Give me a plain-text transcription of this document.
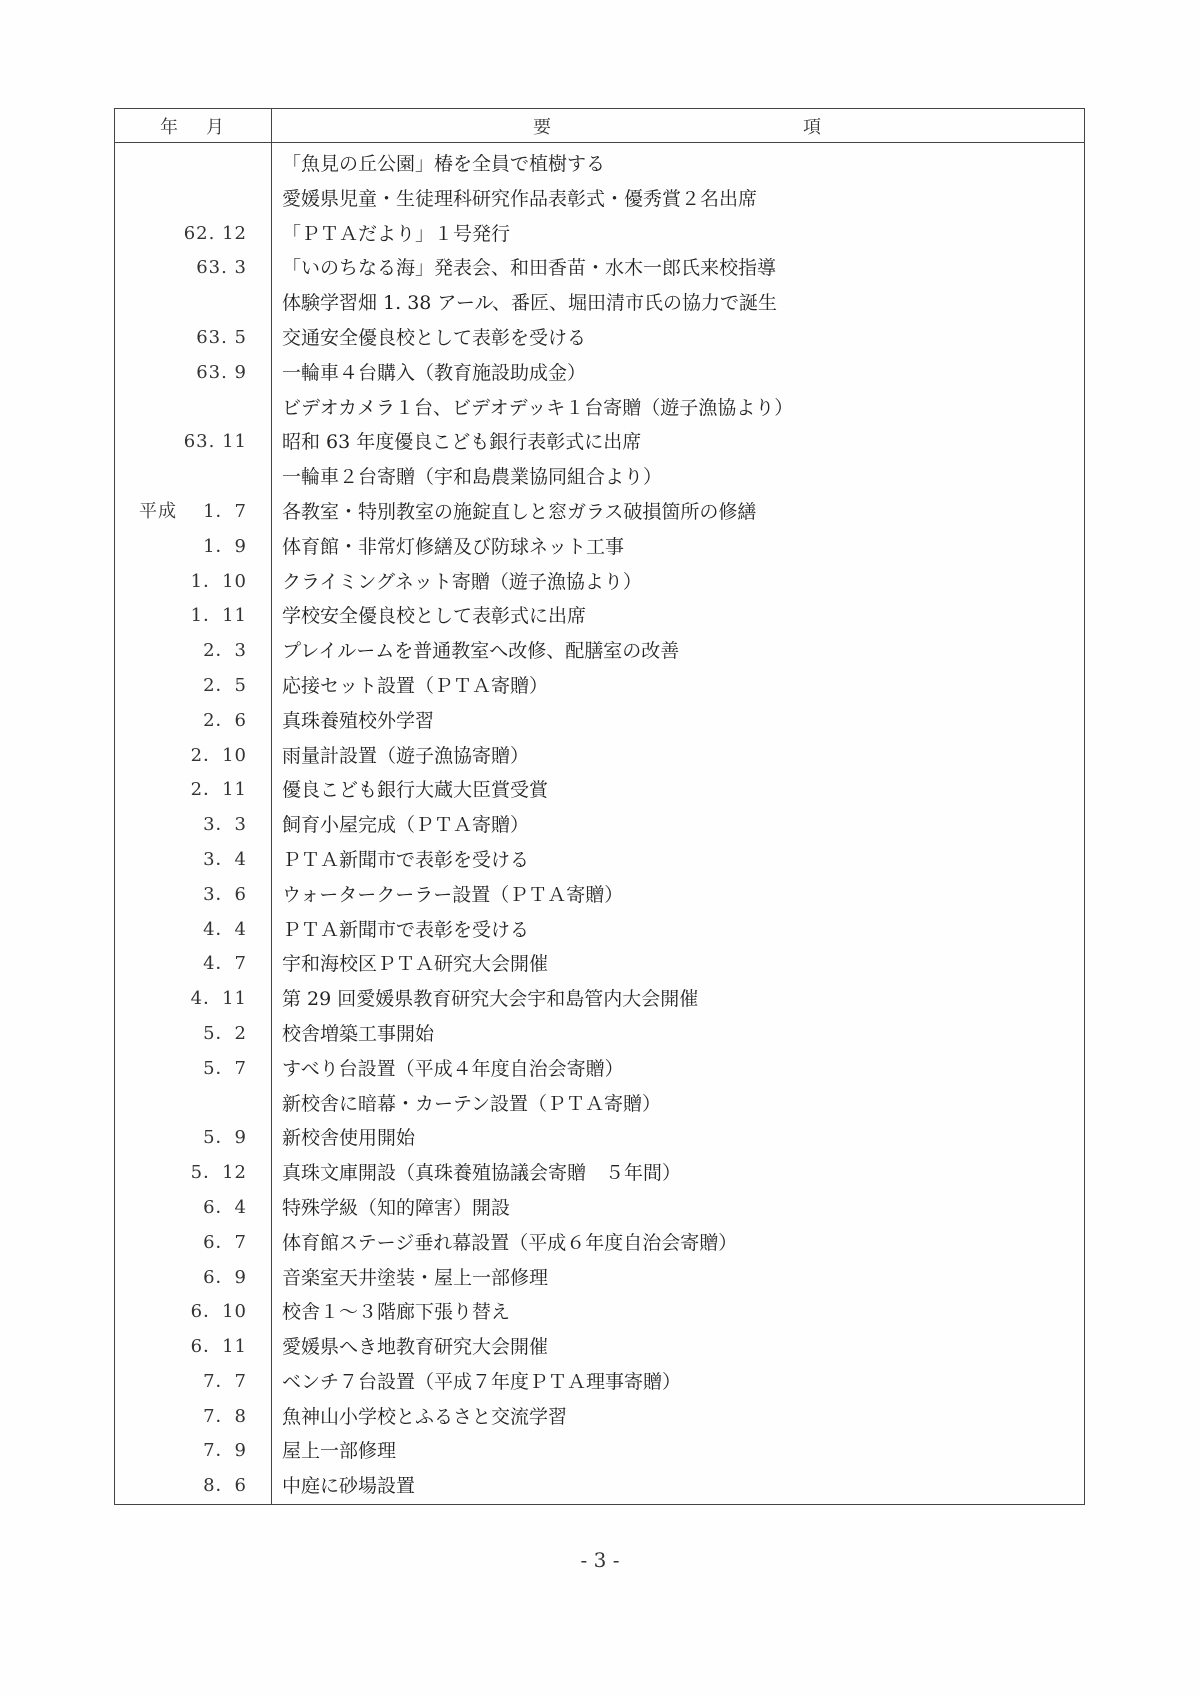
年 月	要 項

	「魚見の丘公園」椿を全員で植樹する

	愛媛県児童・生徒理科研究作品表彰式・優秀賞２名出席

62. 12	「ＰＴＡだより」１号発行

63. 3	「いのちなる海」発表会、和田香苗・水木一郎氏来校指導

	体験学習畑 1. 38 アール、番匠、堀田清市氏の協力で誕生

63. 5	交通安全優良校として表彰を受ける

63. 9	一輪車４台購入（教育施設助成金）

	ビデオカメラ１台、ビデオデッキ１台寄贈（遊子漁協より）

63. 11	昭和 63 年度優良こども銀行表彰式に出席

	一輪車２台寄贈（宇和島農業協同組合より）

平成 1．7	各教室・特別教室の施錠直しと窓ガラス破損箇所の修繕

1．9	体育館・非常灯修繕及び防球ネット工事

1．10	クライミングネット寄贈（遊子漁協より）

1．11	学校安全優良校として表彰式に出席

2．3	プレイルームを普通教室へ改修、配膳室の改善

2．5	応接セット設置（ＰＴＡ寄贈）

2．6	真珠養殖校外学習

2．10	雨量計設置（遊子漁協寄贈）

2．11	優良こども銀行大蔵大臣賞受賞

3．3	飼育小屋完成（ＰＴＡ寄贈）

3．4	ＰＴＡ新聞市で表彰を受ける

3．6	ウォータークーラー設置（ＰＴＡ寄贈）

4．4	ＰＴＡ新聞市で表彰を受ける

4．7	宇和海校区ＰＴＡ研究大会開催

4．11	第 29 回愛媛県教育研究大会宇和島管内大会開催

5．2	校舎増築工事開始

5．7	すべり台設置（平成４年度自治会寄贈）

	新校舎に暗幕・カーテン設置（ＰＴＡ寄贈）

5．9	新校舎使用開始

5．12	真珠文庫開設（真珠養殖協議会寄贈　５年間）

6．4	特殊学級（知的障害）開設

6．7	体育館ステージ垂れ幕設置（平成６年度自治会寄贈）

6．9	音楽室天井塗装・屋上一部修理

6．10	校舎１～３階廊下張り替え

6．11	愛媛県へき地教育研究大会開催

7．7	ベンチ７台設置（平成７年度ＰＴＡ理事寄贈）

7．8	魚神山小学校とふるさと交流学習

7．9	屋上一部修理

8．6	中庭に砂場設置
- 3 -
